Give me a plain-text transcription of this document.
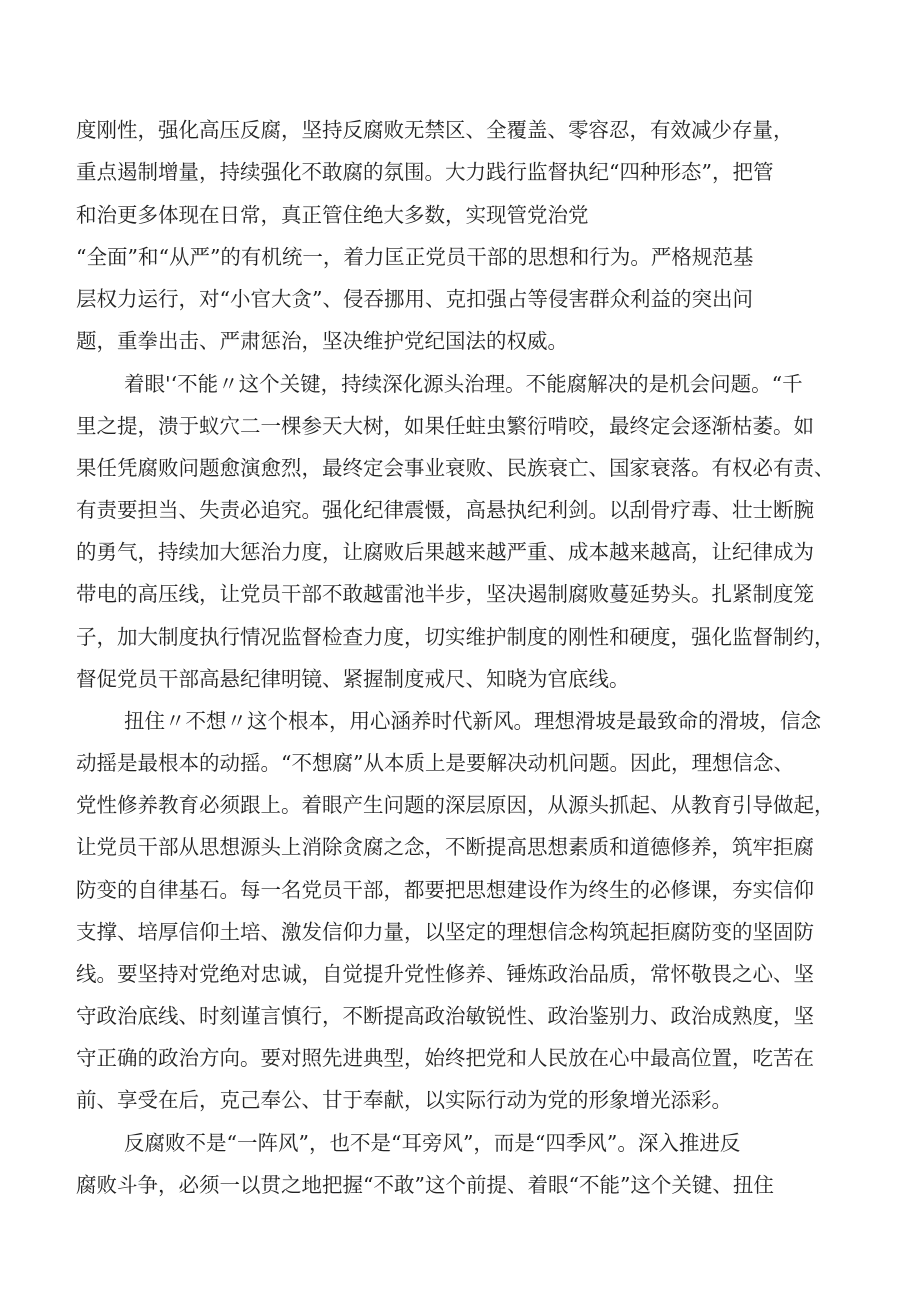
度刚性，强化高压反腐，坚持反腐败无禁区、全覆盖、零容忍，有效减少存量，
重点遏制增量，持续强化不敢腐的氛围。大力践行监督执纪“四种形态”，把管
和治更多体现在日常，真正管住绝大多数，实现管党治党
“全面”和“从严”的有机统一，着力匡正党员干部的思想和行为。严格规范基
层权力运行，对“小官大贪”、侵吞挪用、克扣强占等侵害群众利益的突出问
题，重拳出击、严肃惩治，坚决维护党纪国法的权威。
着眼'‘不能〃这个关键，持续深化源头治理。不能腐解决的是机会问题。“千
里之提，溃于蚁穴二一棵参天大树，如果任蛀虫繁衍啃咬，最终定会逐渐枯萎。如
果任凭腐败问题愈演愈烈，最终定会事业衰败、民族衰亡、国家衰落。有权必有责、
有责要担当、失责必追究。强化纪律震慑，高悬执纪利剑。以刮骨疗毒、壮士断腕
的勇气，持续加大惩治力度，让腐败后果越来越严重、成本越来越高，让纪律成为
带电的高压线，让党员干部不敢越雷池半步，坚决遏制腐败蔓延势头。扎紧制度笼
子，加大制度执行情况监督检查力度，切实维护制度的刚性和硬度，强化监督制约，
督促党员干部高悬纪律明镜、紧握制度戒尺、知晓为官底线。
扭住〃不想〃这个根本，用心涵养时代新风。理想滑坡是最致命的滑坡，信念
动摇是最根本的动摇。“不想腐”从本质上是要解决动机问题。因此，理想信念、
党性修养教育必须跟上。着眼产生问题的深层原因，从源头抓起、从教育引导做起，
让党员干部从思想源头上消除贪腐之念，不断提高思想素质和道德修养，筑牢拒腐
防变的自律基石。每一名党员干部，都要把思想建设作为终生的必修课，夯实信仰
支撑、培厚信仰土培、激发信仰力量，以坚定的理想信念构筑起拒腐防变的坚固防
线。要坚持对党绝对忠诚，自觉提升党性修养、锤炼政治品质，常怀敬畏之心、坚
守政治底线、时刻谨言慎行，不断提高政治敏锐性、政治鉴别力、政治成熟度，坚
守正确的政治方向。要对照先进典型，始终把党和人民放在心中最高位置，吃苦在
前、享受在后，克己奉公、甘于奉献，以实际行动为党的形象增光添彩。
反腐败不是“一阵风”，也不是“耳旁风”，而是“四季风”。深入推进反
腐败斗争，必须一以贯之地把握“不敢”这个前提、着眼“不能”这个关键、扭住
